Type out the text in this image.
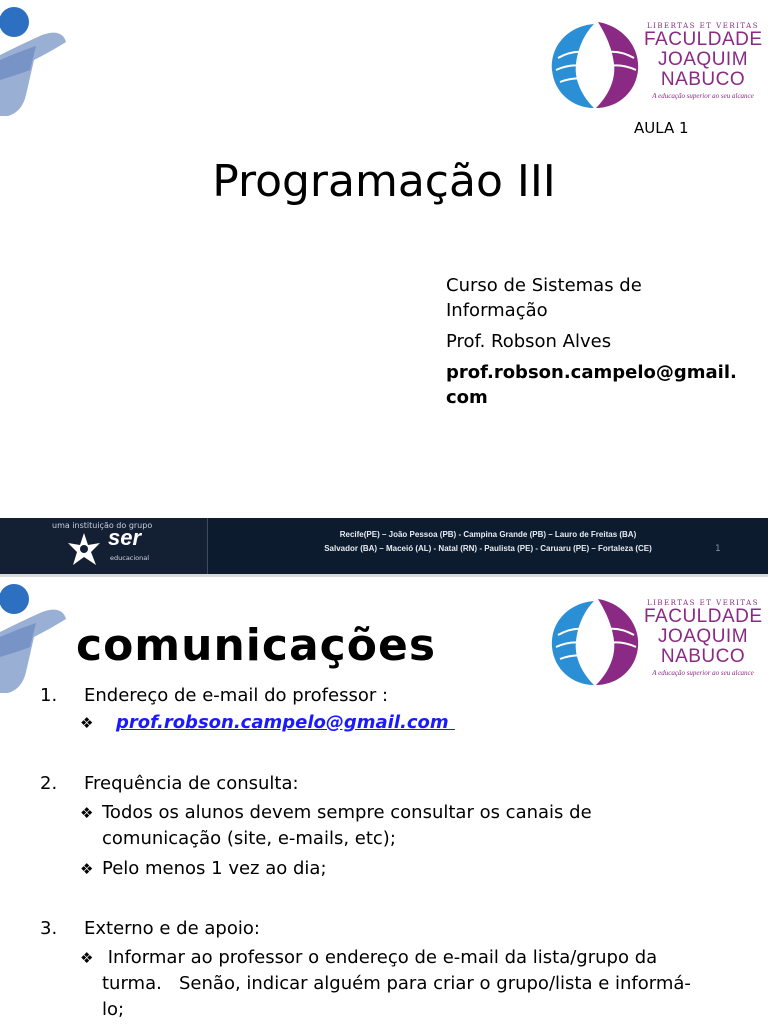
LIBERTAS ET VERITAS
FACULDADE
JOAQUIM
NABUCO
A educação superior ao seu alcance
AULA 1
Programação III
Curso de Sistemas de Informação
Prof. Robson Alves
prof.robson.campelo@gmail.com
uma instituição do grupo
ser
educacional
Recife(PE) – João Pessoa (PB) - Campina Grande (PB) – Lauro de Freitas (BA)
Salvador (BA) – Maceió (AL) - Natal (RN) - Paulista (PE) - Caruaru (PE) – Fortaleza (CE)	1
LIBERTAS ET VERITAS
FACULDADE
JOAQUIM
NABUCO
A educação superior ao seu alcance
comunicações
1. Endereço de e-mail do professor :
❖ prof.robson.campelo@gmail.com
2. Frequência de consulta:
❖ Todos os alunos devem sempre consultar os canais de comunicação (site, e-mails, etc);
❖ Pelo menos 1 vez ao dia;
3. Externo e de apoio:
❖ Informar ao professor o endereço de e-mail da lista/grupo da turma.   Senão, indicar alguém para criar o grupo/lista e informá-lo;
